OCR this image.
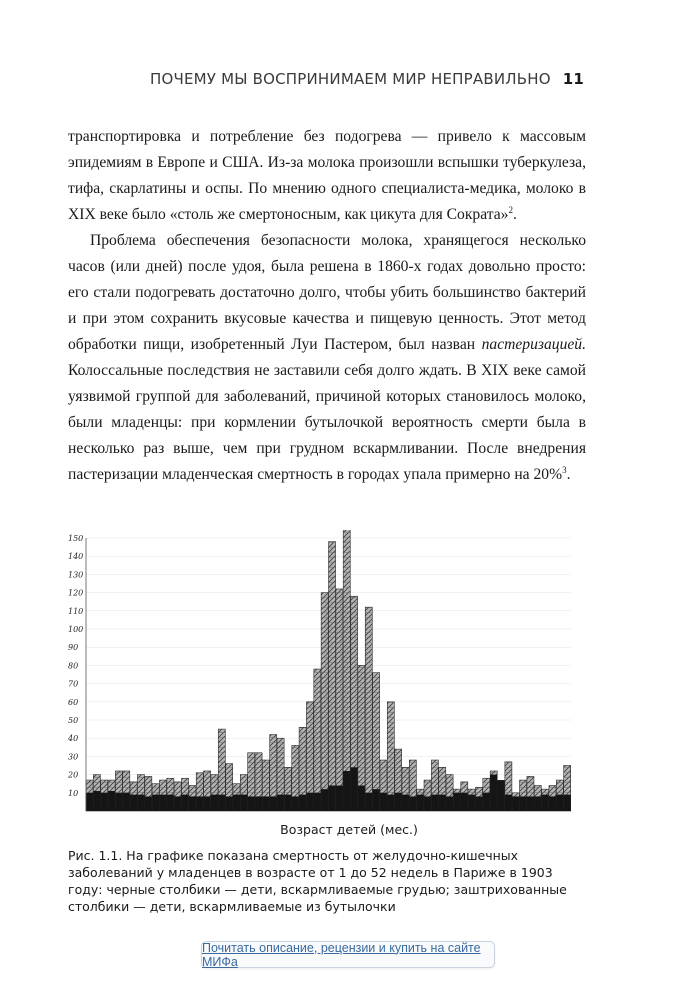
ПОЧЕМУ МЫ ВОСПРИНИМАЕМ МИР НЕПРАВИЛЬНО 11

транспортировка и потребление без подогрева — привело к массовым эпидемиям в Европе и США. Из-за молока произошли вспышки туберкулеза, тифа, скарлатины и оспы. По мнению одного специалиста-медика, молоко в XIX веке было «столь же смертоносным, как цикута для Сократа»$^2$.

Проблема обеспечения безопасности молока, хранящегося несколько часов (или дней) после удоя, была решена в 1860-х годах довольно просто: его стали подогревать достаточно долго, чтобы убить большинство бактерий и при этом сохранить вкусовые качества и пищевую ценность. Этот метод обработки пищи, изобретенный Луи Пастером, был назван пастеризацией. Колоссальные последствия не заставили себя долго ждать. В XIX веке самой уязвимой группой для заболеваний, причиной которых становилось молоко, были младенцы: при кормлении бутылочкой вероятность смерти была в несколько раз выше, чем при грудном вскармливании. После внедрения пастеризации младенческая смертность в городах упала примерно на 20%$^3$.

10
20
30
40
50
60
70
80
90
100
110
120
130
140
150
Возраст детей (мес.)
Рис. 1.1. На графике показана смертность от желудочно-кишечных заболеваний у младенцев в возрасте от 1 до 52 недель в Париже в 1903 году: черные столбики — дети, вскармливаемые грудью; заштрихованные столбики — дети, вскармливаемые из бутылочки
Почитать описание, рецензии и купить на сайте МИФа
